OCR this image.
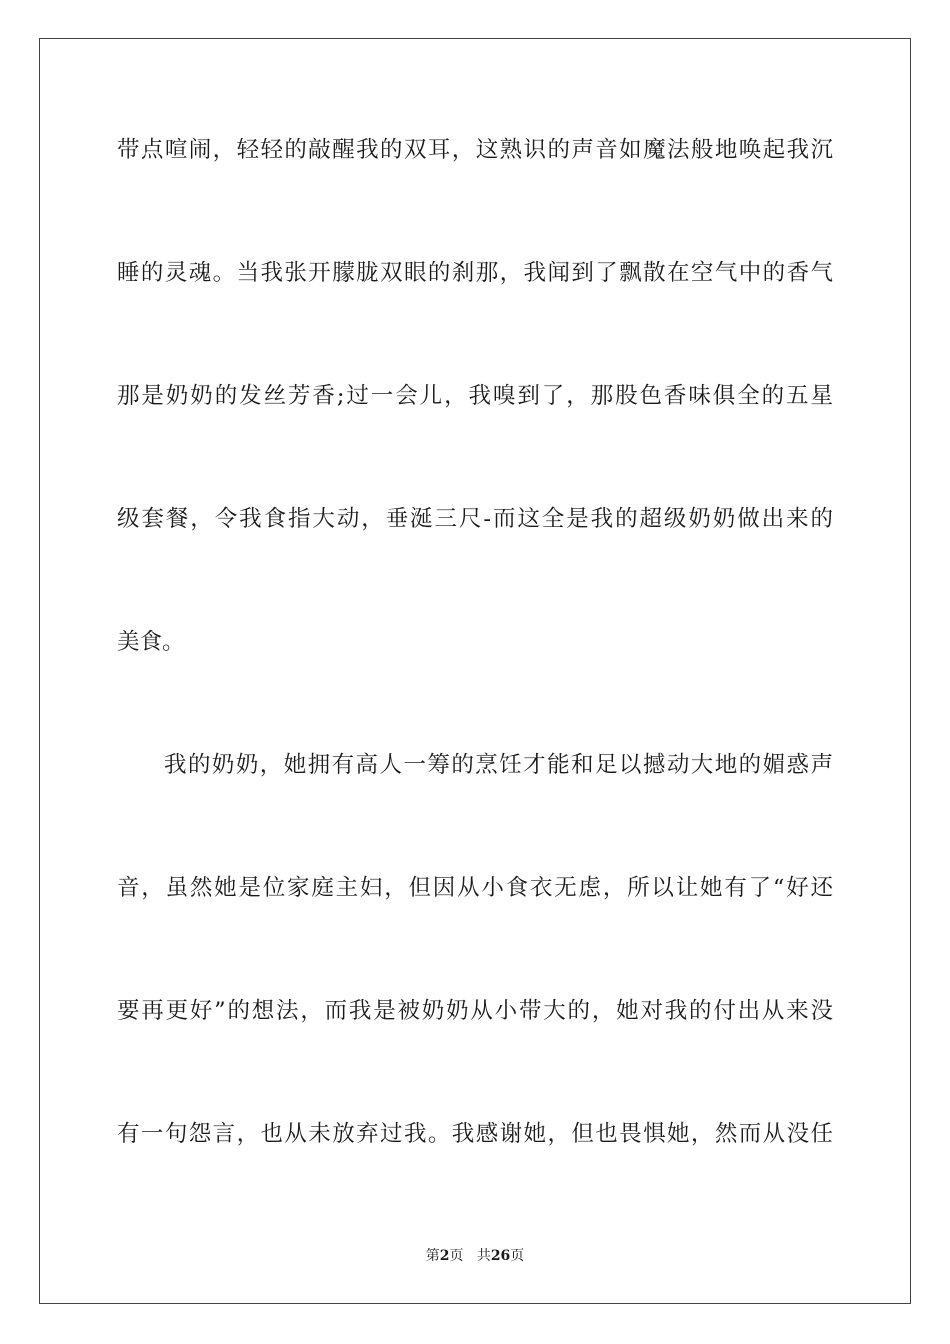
带点喧闹，轻轻的敲醒我的双耳，这熟识的声音如魔法般地唤起我沉
睡的灵魂。当我张开朦胧双眼的刹那，我闻到了飘散在空气中的香气
那是奶奶的发丝芳香;过一会儿，我嗅到了，那股色香味俱全的五星
级套餐，令我食指大动，垂涎三尺-而这全是我的超级奶奶做出来的
美食。
我的奶奶，她拥有高人一筹的烹饪才能和足以撼动大地的媚惑声
音，虽然她是位家庭主妇，但因从小食衣无虑，所以让她有了“好还
要再更好”的想法，而我是被奶奶从小带大的，她对我的付出从来没
有一句怨言，也从未放弃过我。我感谢她，但也畏惧她，然而从没任
第2页 共26页
